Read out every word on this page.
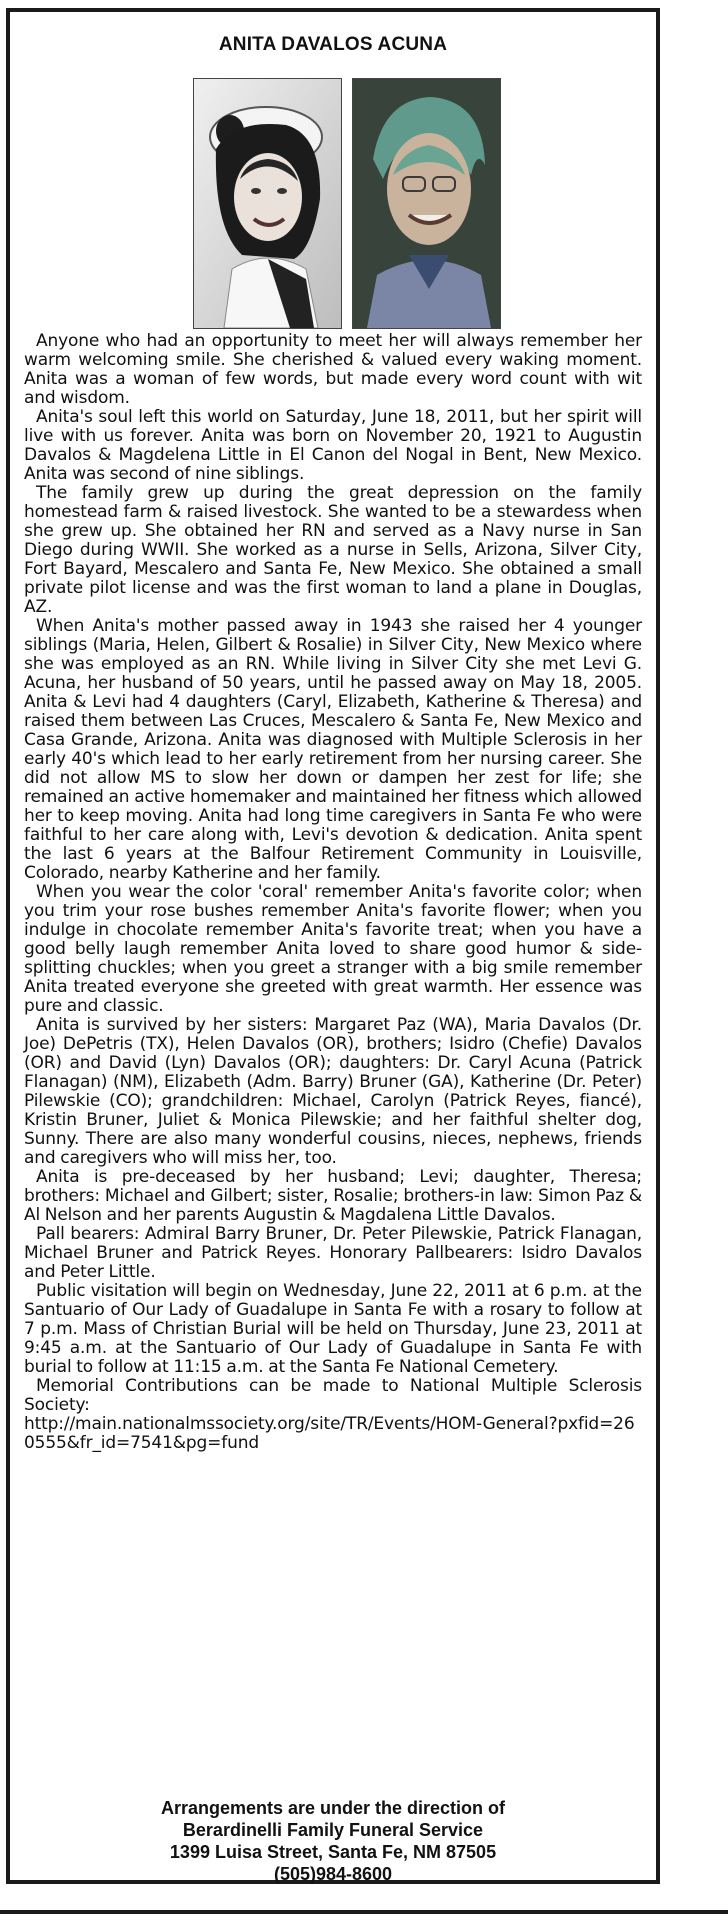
ANITA DAVALOS ACUNA

Anyone who had an opportunity to meet her will always remember her warm welcoming smile. She cherished & valued every waking moment. Anita was a woman of few words, but made every word count with wit and wisdom.

Anita's soul left this world on Saturday, June 18, 2011, but her spirit will live with us forever. Anita was born on November 20, 1921 to Augustin Davalos & Magdelena Little in El Canon del Nogal in Bent, New Mexico. Anita was second of nine siblings.

The family grew up during the great depression on the family homestead farm & raised livestock. She wanted to be a stewardess when she grew up. She obtained her RN and served as a Navy nurse in San Diego during WWII. She worked as a nurse in Sells, Arizona, Silver City, Fort Bayard, Mescalero and Santa Fe, New Mexico. She obtained a small private pilot license and was the first woman to land a plane in Douglas, AZ.

When Anita's mother passed away in 1943 she raised her 4 younger siblings (Maria, Helen, Gilbert & Rosalie) in Silver City, New Mexico where she was employed as an RN. While living in Silver City she met Levi G. Acuna, her husband of 50 years, until he passed away on May 18, 2005. Anita & Levi had 4 daughters (Caryl, Elizabeth, Katherine & Theresa) and raised them between Las Cruces, Mescalero & Santa Fe, New Mexico and Casa Grande, Arizona. Anita was diagnosed with Multiple Sclerosis in her early 40's which lead to her early retirement from her nursing career. She did not allow MS to slow her down or dampen her zest for life; she remained an active homemaker and maintained her fitness which allowed her to keep moving. Anita had long time caregivers in Santa Fe who were faithful to her care along with, Levi's devotion & dedication. Anita spent the last 6 years at the Balfour Retirement Community in Louisville, Colorado, nearby Katherine and her family.

When you wear the color 'coral' remember Anita's favorite color; when you trim your rose bushes remember Anita's favorite flower; when you indulge in chocolate remember Anita's favorite treat; when you have a good belly laugh remember Anita loved to share good humor & side-splitting chuckles; when you greet a stranger with a big smile remember Anita treated everyone she greeted with great warmth. Her essence was pure and classic.

Anita is survived by her sisters: Margaret Paz (WA), Maria Davalos (Dr. Joe) DePetris (TX), Helen Davalos (OR), brothers; Isidro (Chefie) Davalos (OR) and David (Lyn) Davalos (OR); daughters: Dr. Caryl Acuna (Patrick Flanagan) (NM), Elizabeth (Adm. Barry) Bruner (GA), Katherine (Dr. Peter) Pilewskie (CO); grandchildren: Michael, Carolyn (Patrick Reyes, fiancé), Kristin Bruner, Juliet & Monica Pilewskie; and her faithful shelter dog, Sunny. There are also many wonderful cousins, nieces, nephews, friends and caregivers who will miss her, too.

Anita is pre-deceased by her husband; Levi; daughter, Theresa; brothers: Michael and Gilbert; sister, Rosalie; brothers-in law: Simon Paz & Al Nelson and her parents Augustin & Magdalena Little Davalos.

Pall bearers: Admiral Barry Bruner, Dr. Peter Pilewskie, Patrick Flanagan, Michael Bruner and Patrick Reyes. Honorary Pallbearers: Isidro Davalos and Peter Little.

Public visitation will begin on Wednesday, June 22, 2011 at 6 p.m. at the Santuario of Our Lady of Guadalupe in Santa Fe with a rosary to follow at 7 p.m. Mass of Christian Burial will be held on Thursday, June 23, 2011 at 9:45 a.m. at the Santuario of Our Lady of Guadalupe in Santa Fe with burial to follow at 11:15 a.m. at the Santa Fe National Cemetery.

Memorial Contributions can be made to National Multiple Sclerosis Society:

http://main.nationalmssociety.org/site/TR/Events/HOM-General?pxfid=260555&fr_id=7541&pg=fund

Arrangements are under the direction of
Berardinelli Family Funeral Service
1399 Luisa Street, Santa Fe, NM 87505
(505)984-8600
